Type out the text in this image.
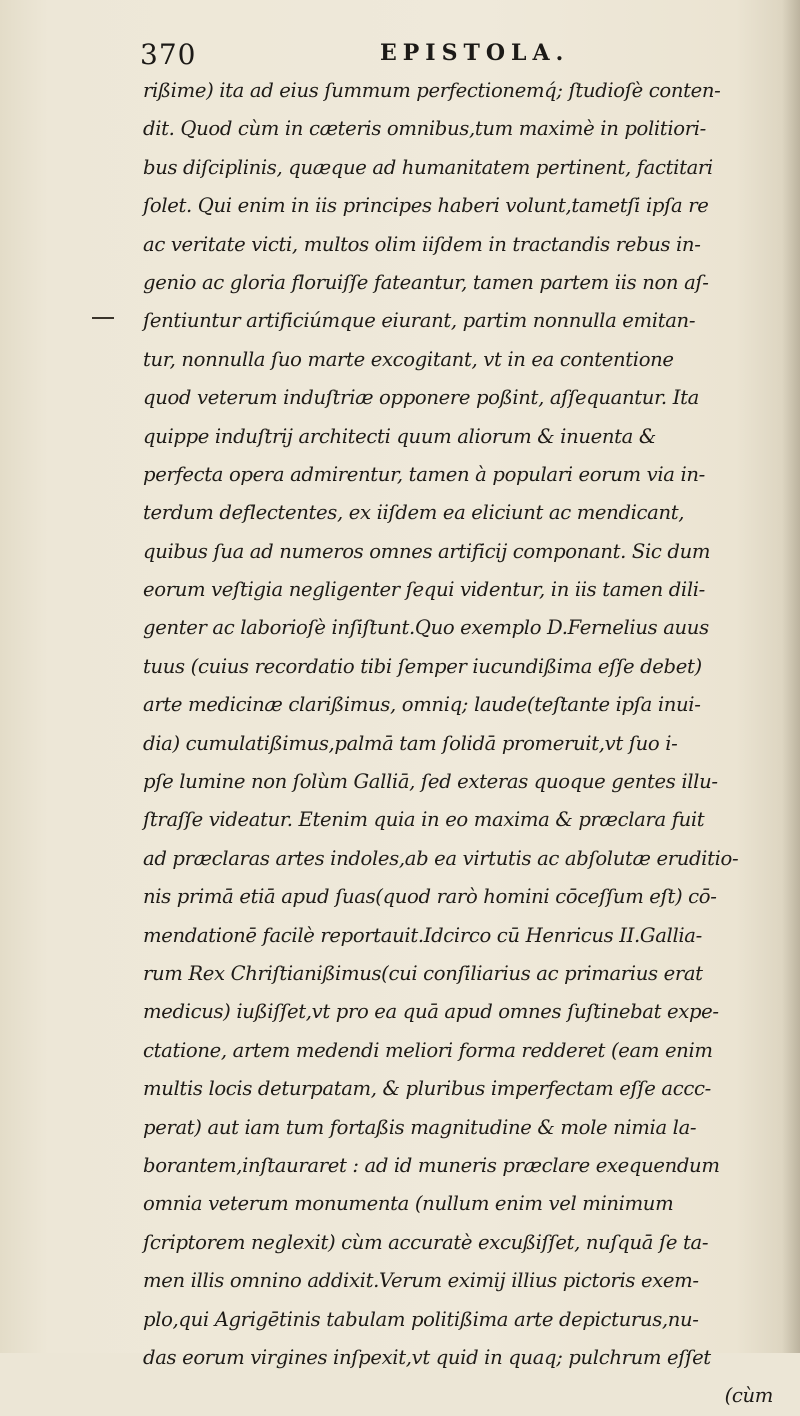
370	EPISTOLA.
rißime) ita ad eius ſummum perfectionemq́; ſtudioſè conten-
dit. Quod cùm in cæteris omnibus,tum maximè in politiori-
bus diſciplinis, quæque ad humanitatem pertinent, factitari
ſolet. Qui enim in iis principes haberi volunt,tametſi ipſa re
ac veritate victi, multos olim iiſdem in tractandis rebus in-
genio ac gloria floruiſſe fateantur, tamen partem iis non aſ-
ſentiuntur artificiúmque eiurant, partim nonnulla emitan-
tur, nonnulla ſuo marte excogitant, vt in ea contentione
quod veterum induſtriæ opponere poßint, aſſequantur. Ita
quippe induſtrij architecti quum aliorum & inuenta &
perfecta opera admirentur, tamen à populari eorum via in-
terdum deflectentes, ex iiſdem ea eliciunt ac mendicant,
quibus ſua ad numeros omnes artificij componant. Sic dum
eorum veſtigia negligenter ſequi videntur, in iis tamen dili-
genter ac laborioſè inſiſtunt.Quo exemplo D.Fernelius auus
tuus (cuius recordatio tibi ſemper iucundißima eſſe debet)
arte medicinæ clarißimus, omniq; laude(teſtante ipſa inui-
dia) cumulatißimus,palmā tam ſolidā promeruit,vt ſuo i-
pſe lumine non ſolùm Galliā, ſed exteras quoque gentes illu-
ſtraſſe videatur. Etenim quia in eo maxima & præclara fuit
ad præclaras artes indoles,ab ea virtutis ac abſolutæ eruditio-
nis primā etiā apud ſuas(quod rarò homini cōceſſum eſt) cō-
mendationē facilè reportauit.Idcirco cū Henricus II.Gallia-
rum Rex Chriſtianißimus(cui conſiliarius ac primarius erat
medicus) iußiſſet,vt pro ea quā apud omnes ſuſtinebat expe-
ctatione, artem medendi meliori forma redderet (eam enim
multis locis deturpatam, & pluribus imperfectam eſſe accc-
perat) aut iam tum fortaßis magnitudine & mole nimia la-
borantem,inſtauraret : ad id muneris præclare exequendum
omnia veterum monumenta (nullum enim vel minimum
ſcriptorem neglexit) cùm accuratè excußiſſet, nuſquā ſe ta-
men illis omnino addixit.Verum eximij illius pictoris exem-
plo,qui Agrigētinis tabulam politißima arte depicturus,nu-
das eorum virgines inſpexit,vt quid in quaq; pulchrum eſſet
(cùm
